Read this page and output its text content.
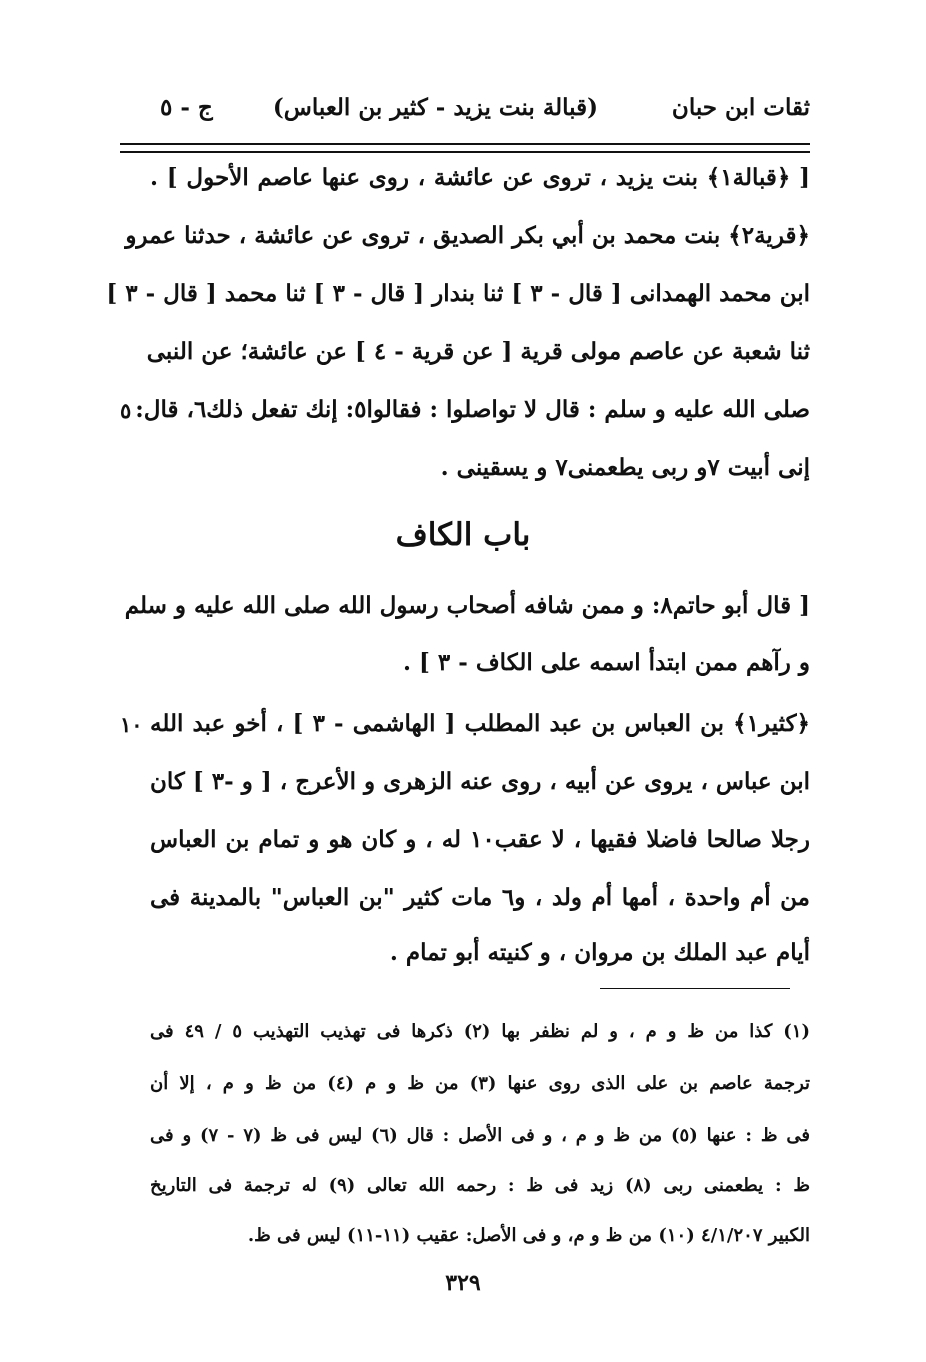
ثقات ابن حبان
(قبالة بنت يزيد - كثير بن العباس)
ج - ٥
[ ﴿قبالة١﴾ بنت يزيد ، تروى عن عائشة ، روى عنها عاصم الأحول ] .
﴿قرية٢﴾ بنت محمد بن أبي بكر الصديق ، تروى عن عائشة ، حدثنا عمرو
ابن محمد الهمدانى [ قال - ٣ ] ثنا بندار [ قال - ٣ ] ثنا محمد [ قال - ٣ ]
ثنا شعبة عن عاصم مولى قرية [ عن قرية - ٤ ] عن عائشة؛ عن النبى
صلى الله عليه و سلم : قال لا تواصلوا : فقالوا٥: إنك تفعل ذلك٦، قال:
٥
إنى أبيت ٧و ربى يطعمنى٧ و يسقينى .
باب الكاف
[ قال أبو حاتم٨: و ممن شافه أصحاب رسول الله صلى الله عليه و سلم
و رآهم ممن ابتدأ اسمه على الكاف - ٣ ] .
﴿كثير١﴾ بن العباس بن عبد المطلب [ الهاشمى - ٣ ] ، أخو عبد الله
١٠
ابن عباس ، يروى عن أبيه ، روى عنه الزهرى و الأعرج ، [ و -٣ ] كان
رجلا صالحا فاضلا فقيها ، لا عقب١٠ له ، و كان هو و تمام بن العباس
من أم واحدة ، أمها أم ولد ، و٦ مات كثير "بن العباس" بالمدينة فى
أيام عبد الملك بن مروان ، و كنيته أبو تمام .
(١) كذا من ظ و م ، و لم نظفر بها (٢) ذكرها فى تهذيب التهذيب ٥ / ٤٩ فى
ترجمة عاصم بن على الذى روى عنها (٣) من ظ و م (٤) من ظ و م ، إلا أن
فى ظ : عنها (٥) من ظ و م ، و فى الأصل : قال (٦) ليس فى ظ (٧ - ٧) و فى
ظ : يطعمنى ربى (٨) زيد فى ظ : رحمه الله تعالى (٩) له ترجمة فى التاريخ
الكبير ٤/١/٢٠٧ (١٠) من ظ و م، و فى الأصل: عقيب (١١-١١) ليس فى ظ.
٣٢٩
